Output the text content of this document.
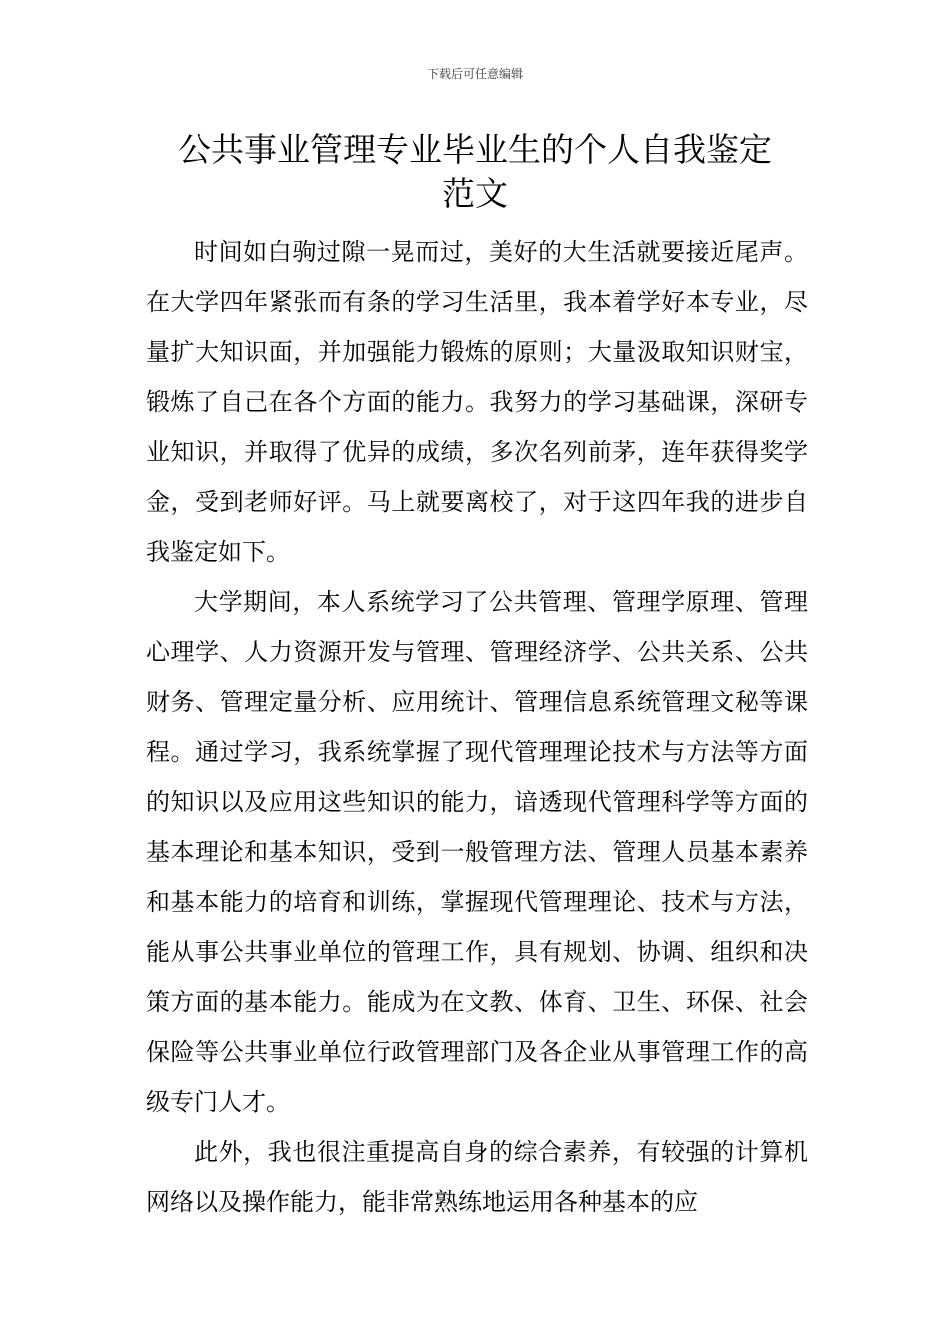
下载后可任意编辑
公共事业管理专业毕业生的个人自我鉴定
范文

时间如白驹过隙一晃而过，美好的大生活就要接近尾声。在大学四年紧张而有条的学习生活里，我本着学好本专业，尽量扩大知识面，并加强能力锻炼的原则；大量汲取知识财宝，锻炼了自己在各个方面的能力。我努力的学习基础课，深研专业知识，并取得了优异的成绩，多次名列前茅，连年获得奖学金，受到老师好评。马上就要离校了，对于这四年我的进步自我鉴定如下。

大学期间，本人系统学习了公共管理、管理学原理、管理心理学、人力资源开发与管理、管理经济学、公共关系、公共财务、管理定量分析、应用统计、管理信息系统管理文秘等课程。通过学习，我系统掌握了现代管理理论技术与方法等方面的知识以及应用这些知识的能力，谙透现代管理科学等方面的基本理论和基本知识，受到一般管理方法、管理人员基本素养和基本能力的培育和训练，掌握现代管理理论、技术与方法，能从事公共事业单位的管理工作，具有规划、协调、组织和决策方面的基本能力。能成为在文教、体育、卫生、环保、社会保险等公共事业单位行政管理部门及各企业从事管理工作的高级专门人才。

此外，我也很注重提高自身的综合素养，有较强的计算机网络以及操作能力，能非常熟练地运用各种基本的应
